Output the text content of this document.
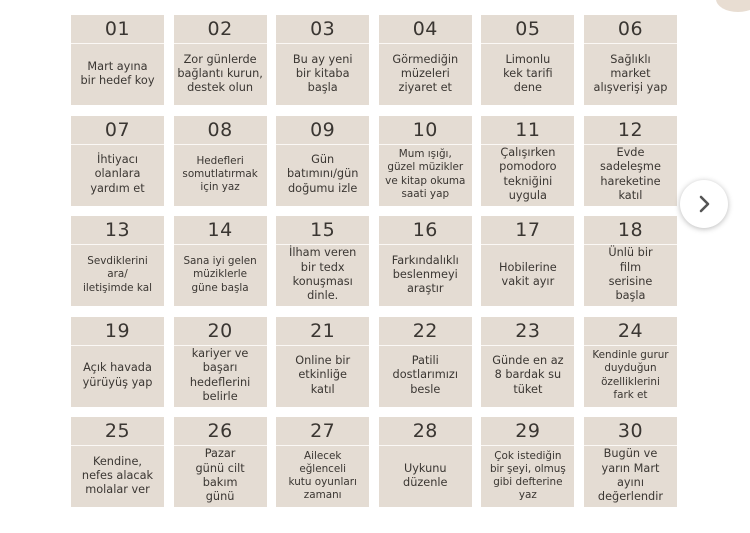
01
Mart ayına
bir hedef koy
02
Zor günlerde
bağlantı kurun,
destek olun
03
Bu ay yeni
bir kitaba
başla
04
Görmediğin
müzeleri
ziyaret et
05
Limonlu
kek tarifi
dene
06
Sağlıklı
market
alışverişi yap
07
İhtiyacı
olanlara
yardım et
08
Hedefleri
somutlatırmak
için yaz
09
Gün
batımını/gün
doğumu izle
10
Mum ışığı,
güzel müzikler
ve kitap okuma
saati yap
11
Çalışırken
pomodoro
tekniğini
uygula
12
Evde
sadeleşme
hareketine
katıl
13
Sevdiklerini
ara/
iletişimde kal
14
Sana iyi gelen
müziklerle
güne başla
15
İlham veren
bir tedx
konuşması
dinle.
16
Farkındalıklı
beslenmeyi
araştır
17
Hobilerine
vakit ayır
18
Ünlü bir
film
serisine
başla
19
Açık havada
yürüyüş yap
20
kariyer ve
başarı
hedeflerini
belirle
21
Online bir
etkinliğe
katıl
22
Patili
dostlarımızı
besle
23
Günde en az
8 bardak su
tüket
24
Kendinle gurur
duyduğun
özelliklerini
fark et
25
Kendine,
nefes alacak
molalar ver
26
Pazar
günü cilt
bakım
günü
27
Ailecek
eğlenceli
kutu oyunları
zamanı
28
Uykunu
düzenle
29
Çok istediğin
bir şeyi, olmuş
gibi defterine
yaz
30
Bugün ve
yarın Mart
ayını
değerlendir
